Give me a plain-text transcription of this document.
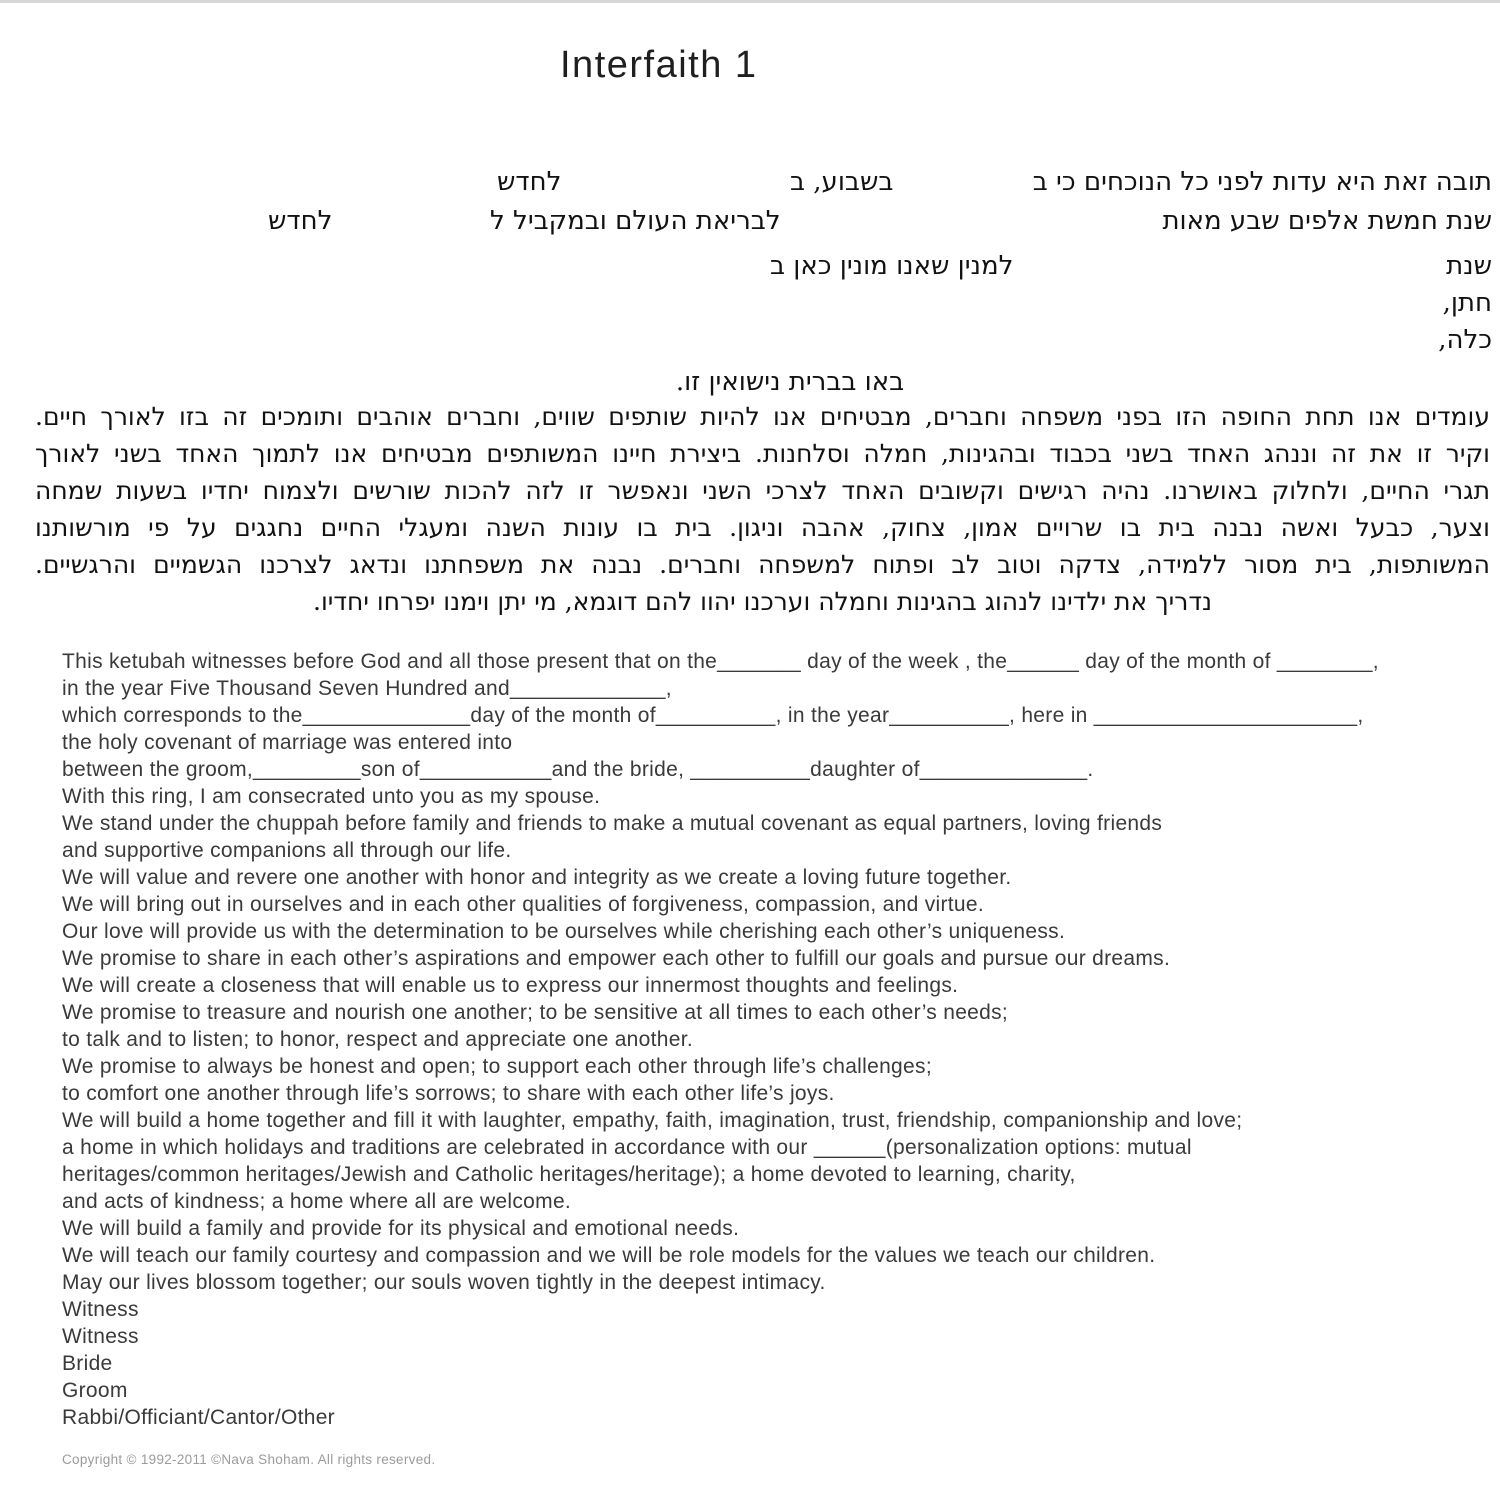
Interfaith 1
תובה זאת היא עדות לפני כל הנוכחים כי ב
בשבוע, ב
לחדש
שנת חמשת אלפים שבע מאות
לבריאת העולם ובמקביל ל
לחדש
שנת
למנין שאנו מונין כאן ב
חתן,
כלה,
באו בברית נישואין זו.
עומדים אנו תחת החופה הזו בפני משפחה וחברים, מבטיחים אנו להיות שותפים שווים, וחברים אוהבים ותומכים זה בזו לאורך חיים.
וקיר זו את זה וננהג האחד בשני בכבוד ובהגינות, חמלה וסלחנות. ביצירת חיינו המשותפים מבטיחים אנו לתמוך האחד בשני לאורך
תגרי החיים, ולחלוק באושרנו. נהיה רגישים וקשובים האחד לצרכי השני ונאפשר זו לזה להכות שורשים ולצמוח יחדיו בשעות שמחה
וצער, כבעל ואשה נבנה בית בו שרויים אמון, צחוק, אהבה וניגון. בית בו עונות השנה ומעגלי החיים נחגגים על פי מורשותנו
המשותפות, בית מסור ללמידה, צדקה וטוב לב ופתוח למשפחה וחברים. נבנה את משפחתנו ונדאג לצרכנו הגשמיים והרגשיים.
נדריך את ילדינו לנהוג בהגינות וחמלה וערכנו יהוו להם דוגמא, מי יתן וימנו יפרחו יחדיו.
This ketubah witnesses before God and all those present that on the_______ day of the week , the______ day of the month of ________,
in the year Five Thousand Seven Hundred and_____________,
which corresponds to the______________day of the month of__________, in the year__________, here in ______________________,
the holy covenant of marriage was entered into
between the groom,_________son of___________and the bride, __________daughter of______________.
With this ring, I am consecrated unto you as my spouse.
We stand under the chuppah before family and friends to make a mutual covenant as equal partners, loving friends
and supportive companions all through our life.
We will value and revere one another with honor and integrity as we create a loving future together.
We will bring out in ourselves and in each other qualities of forgiveness, compassion, and virtue.
Our love will provide us with the determination to be ourselves while cherishing each other’s uniqueness.
We promise to share in each other’s aspirations and empower each other to fulfill our goals and pursue our dreams.
We will create a closeness that will enable us to express our innermost thoughts and feelings.
We promise to treasure and nourish one another; to be sensitive at all times to each other’s needs;
to talk and to listen; to honor, respect and appreciate one another.
We promise to always be honest and open; to support each other through life’s challenges;
to comfort one another through life’s sorrows; to share with each other life’s joys.
We will build a home together and fill it with laughter, empathy, faith, imagination, trust, friendship, companionship and love;
a home in which holidays and traditions are celebrated in accordance with our ______(personalization options: mutual
heritages/common heritages/Jewish and Catholic heritages/heritage); a home devoted to learning, charity,
and acts of kindness; a home where all are welcome.
We will build a family and provide for its physical and emotional needs.
We will teach our family courtesy and compassion and we will be role models for the values we teach our children.
May our lives blossom together; our souls woven tightly in the deepest intimacy.
Witness
Witness
Bride
Groom
Rabbi/Officiant/Cantor/Other
Copyright © 1992-2011 ©Nava Shoham. All rights reserved.
